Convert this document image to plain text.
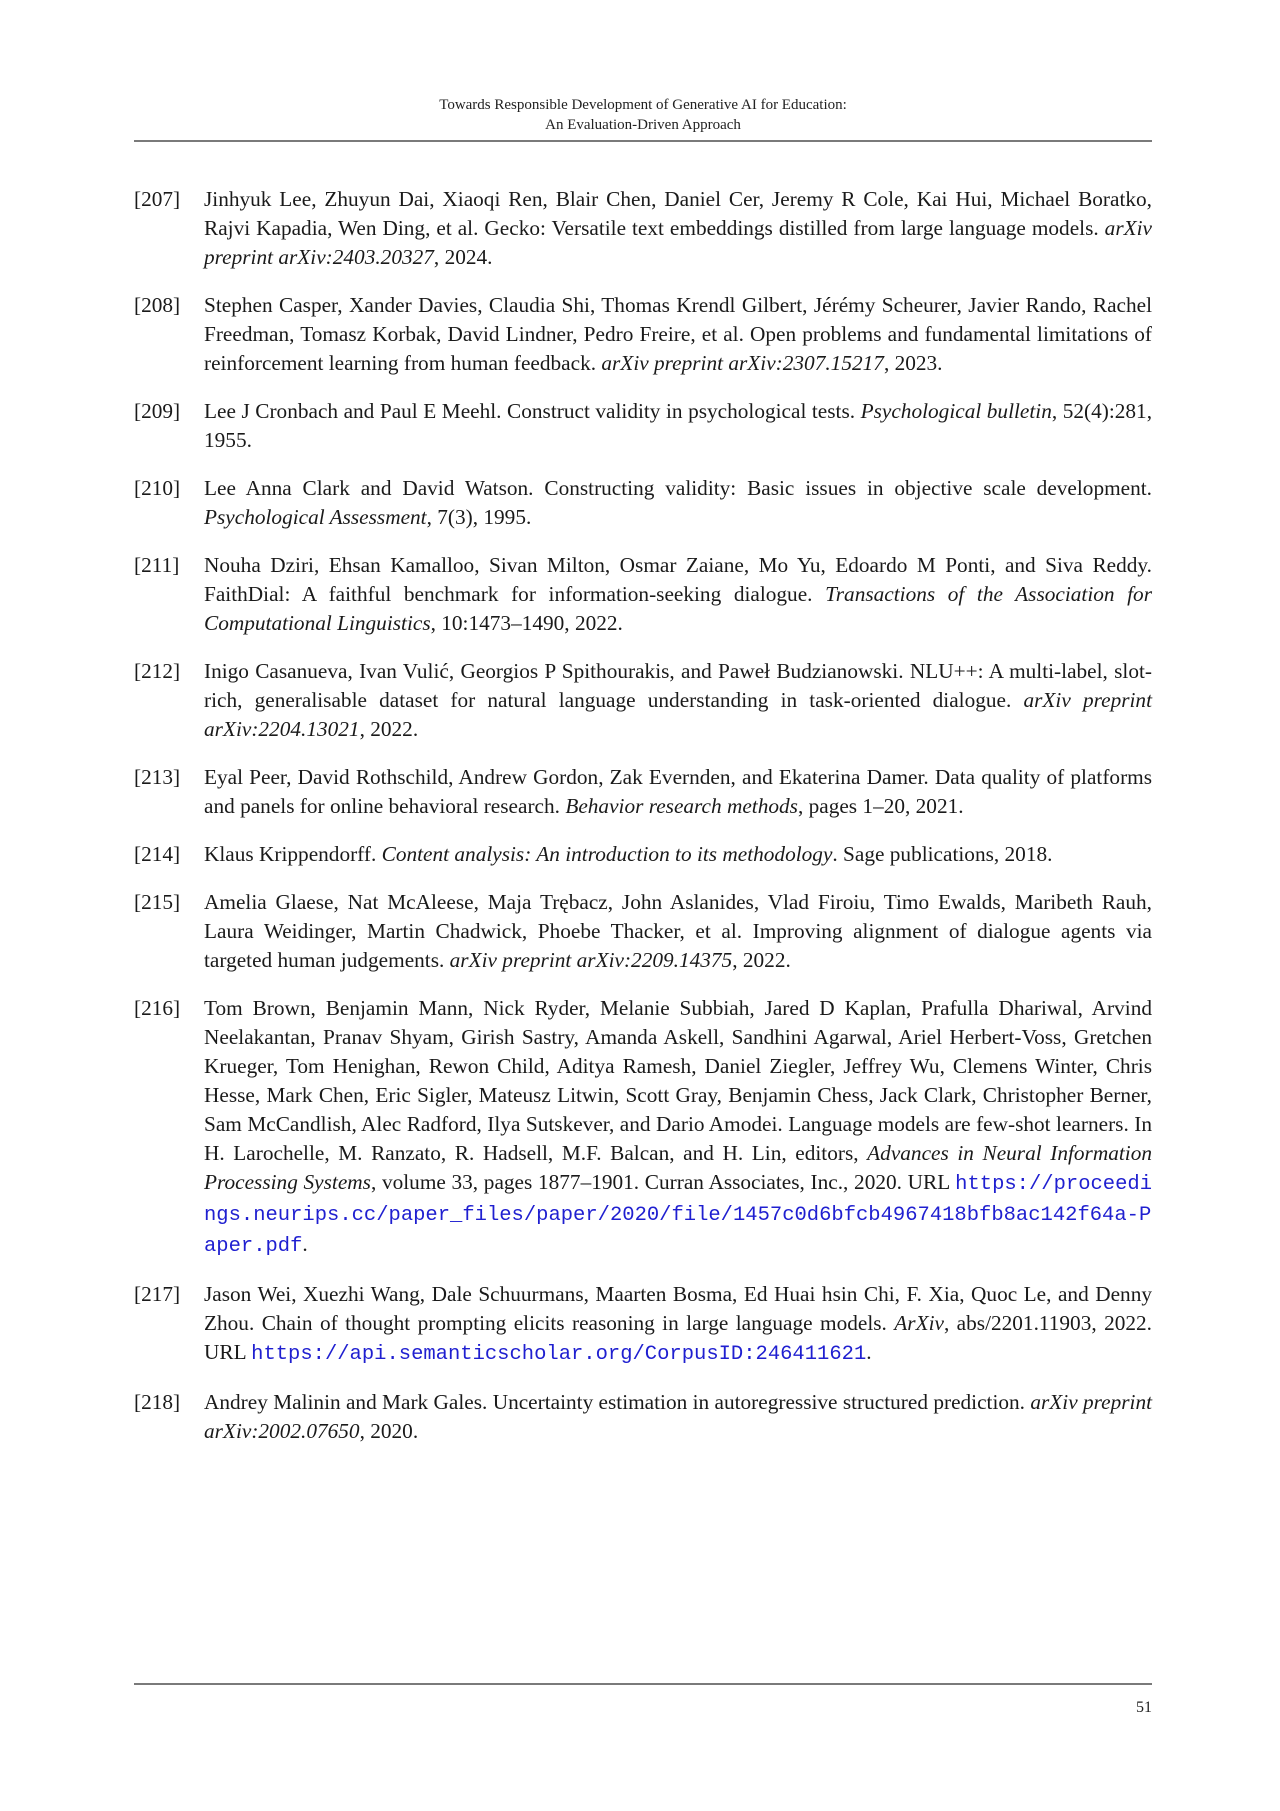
Towards Responsible Development of Generative AI for Education:
An Evaluation-Driven Approach
[207]	Jinhyuk Lee, Zhuyun Dai, Xiaoqi Ren, Blair Chen, Daniel Cer, Jeremy R Cole, Kai Hui, Michael Boratko, Rajvi Kapadia, Wen Ding, et al. Gecko: Versatile text embeddings distilled from large language models. arXiv preprint arXiv:2403.20327, 2024.
[208]	Stephen Casper, Xander Davies, Claudia Shi, Thomas Krendl Gilbert, Jérémy Scheurer, Javier Rando, Rachel Freedman, Tomasz Korbak, David Lindner, Pedro Freire, et al. Open problems and fundamental limitations of reinforcement learning from human feedback. arXiv preprint arXiv:2307.15217, 2023.
[209]	Lee J Cronbach and Paul E Meehl. Construct validity in psychological tests. Psychological bulletin, 52(4):281, 1955.
[210]	Lee Anna Clark and David Watson. Constructing validity: Basic issues in objective scale development. Psychological Assessment, 7(3), 1995.
[211]	Nouha Dziri, Ehsan Kamalloo, Sivan Milton, Osmar Zaiane, Mo Yu, Edoardo M Ponti, and Siva Reddy. FaithDial: A faithful benchmark for information-seeking dialogue. Transactions of the Association for Computational Linguistics, 10:1473–1490, 2022.
[212]	Inigo Casanueva, Ivan Vulić, Georgios P Spithourakis, and Paweł Budzianowski. NLU++: A multi-label, slot-rich, generalisable dataset for natural language understanding in task-oriented dialogue. arXiv preprint arXiv:2204.13021, 2022.
[213]	Eyal Peer, David Rothschild, Andrew Gordon, Zak Evernden, and Ekaterina Damer. Data quality of platforms and panels for online behavioral research. Behavior research methods, pages 1–20, 2021.
[214]	Klaus Krippendorff. Content analysis: An introduction to its methodology. Sage publications, 2018.
[215]	Amelia Glaese, Nat McAleese, Maja Trębacz, John Aslanides, Vlad Firoiu, Timo Ewalds, Maribeth Rauh, Laura Weidinger, Martin Chadwick, Phoebe Thacker, et al. Improving alignment of dialogue agents via targeted human judgements. arXiv preprint arXiv:2209.14375, 2022.
[216]	Tom Brown, Benjamin Mann, Nick Ryder, Melanie Subbiah, Jared D Kaplan, Prafulla Dhariwal, Arvind Neelakantan, Pranav Shyam, Girish Sastry, Amanda Askell, Sandhini Agarwal, Ariel Herbert-Voss, Gretchen Krueger, Tom Henighan, Rewon Child, Aditya Ramesh, Daniel Ziegler, Jeffrey Wu, Clemens Winter, Chris Hesse, Mark Chen, Eric Sigler, Mateusz Litwin, Scott Gray, Benjamin Chess, Jack Clark, Christopher Berner, Sam McCandlish, Alec Radford, Ilya Sutskever, and Dario Amodei. Language models are few-shot learners. In H. Larochelle, M. Ranzato, R. Hadsell, M.F. Balcan, and H. Lin, editors, Advances in Neural Information Processing Systems, volume 33, pages 1877–1901. Curran Associates, Inc., 2020. URL https://proceedings.neurips.cc/paper_files/paper/2020/file/1457c0d6bfcb4967418bfb8ac142f64a-Paper.pdf.
[217]	Jason Wei, Xuezhi Wang, Dale Schuurmans, Maarten Bosma, Ed Huai hsin Chi, F. Xia, Quoc Le, and Denny Zhou. Chain of thought prompting elicits reasoning in large language models. ArXiv, abs/2201.11903, 2022. URL https://api.semanticscholar.org/CorpusID:246411621.
[218]	Andrey Malinin and Mark Gales. Uncertainty estimation in autoregressive structured prediction. arXiv preprint arXiv:2002.07650, 2020.
51
